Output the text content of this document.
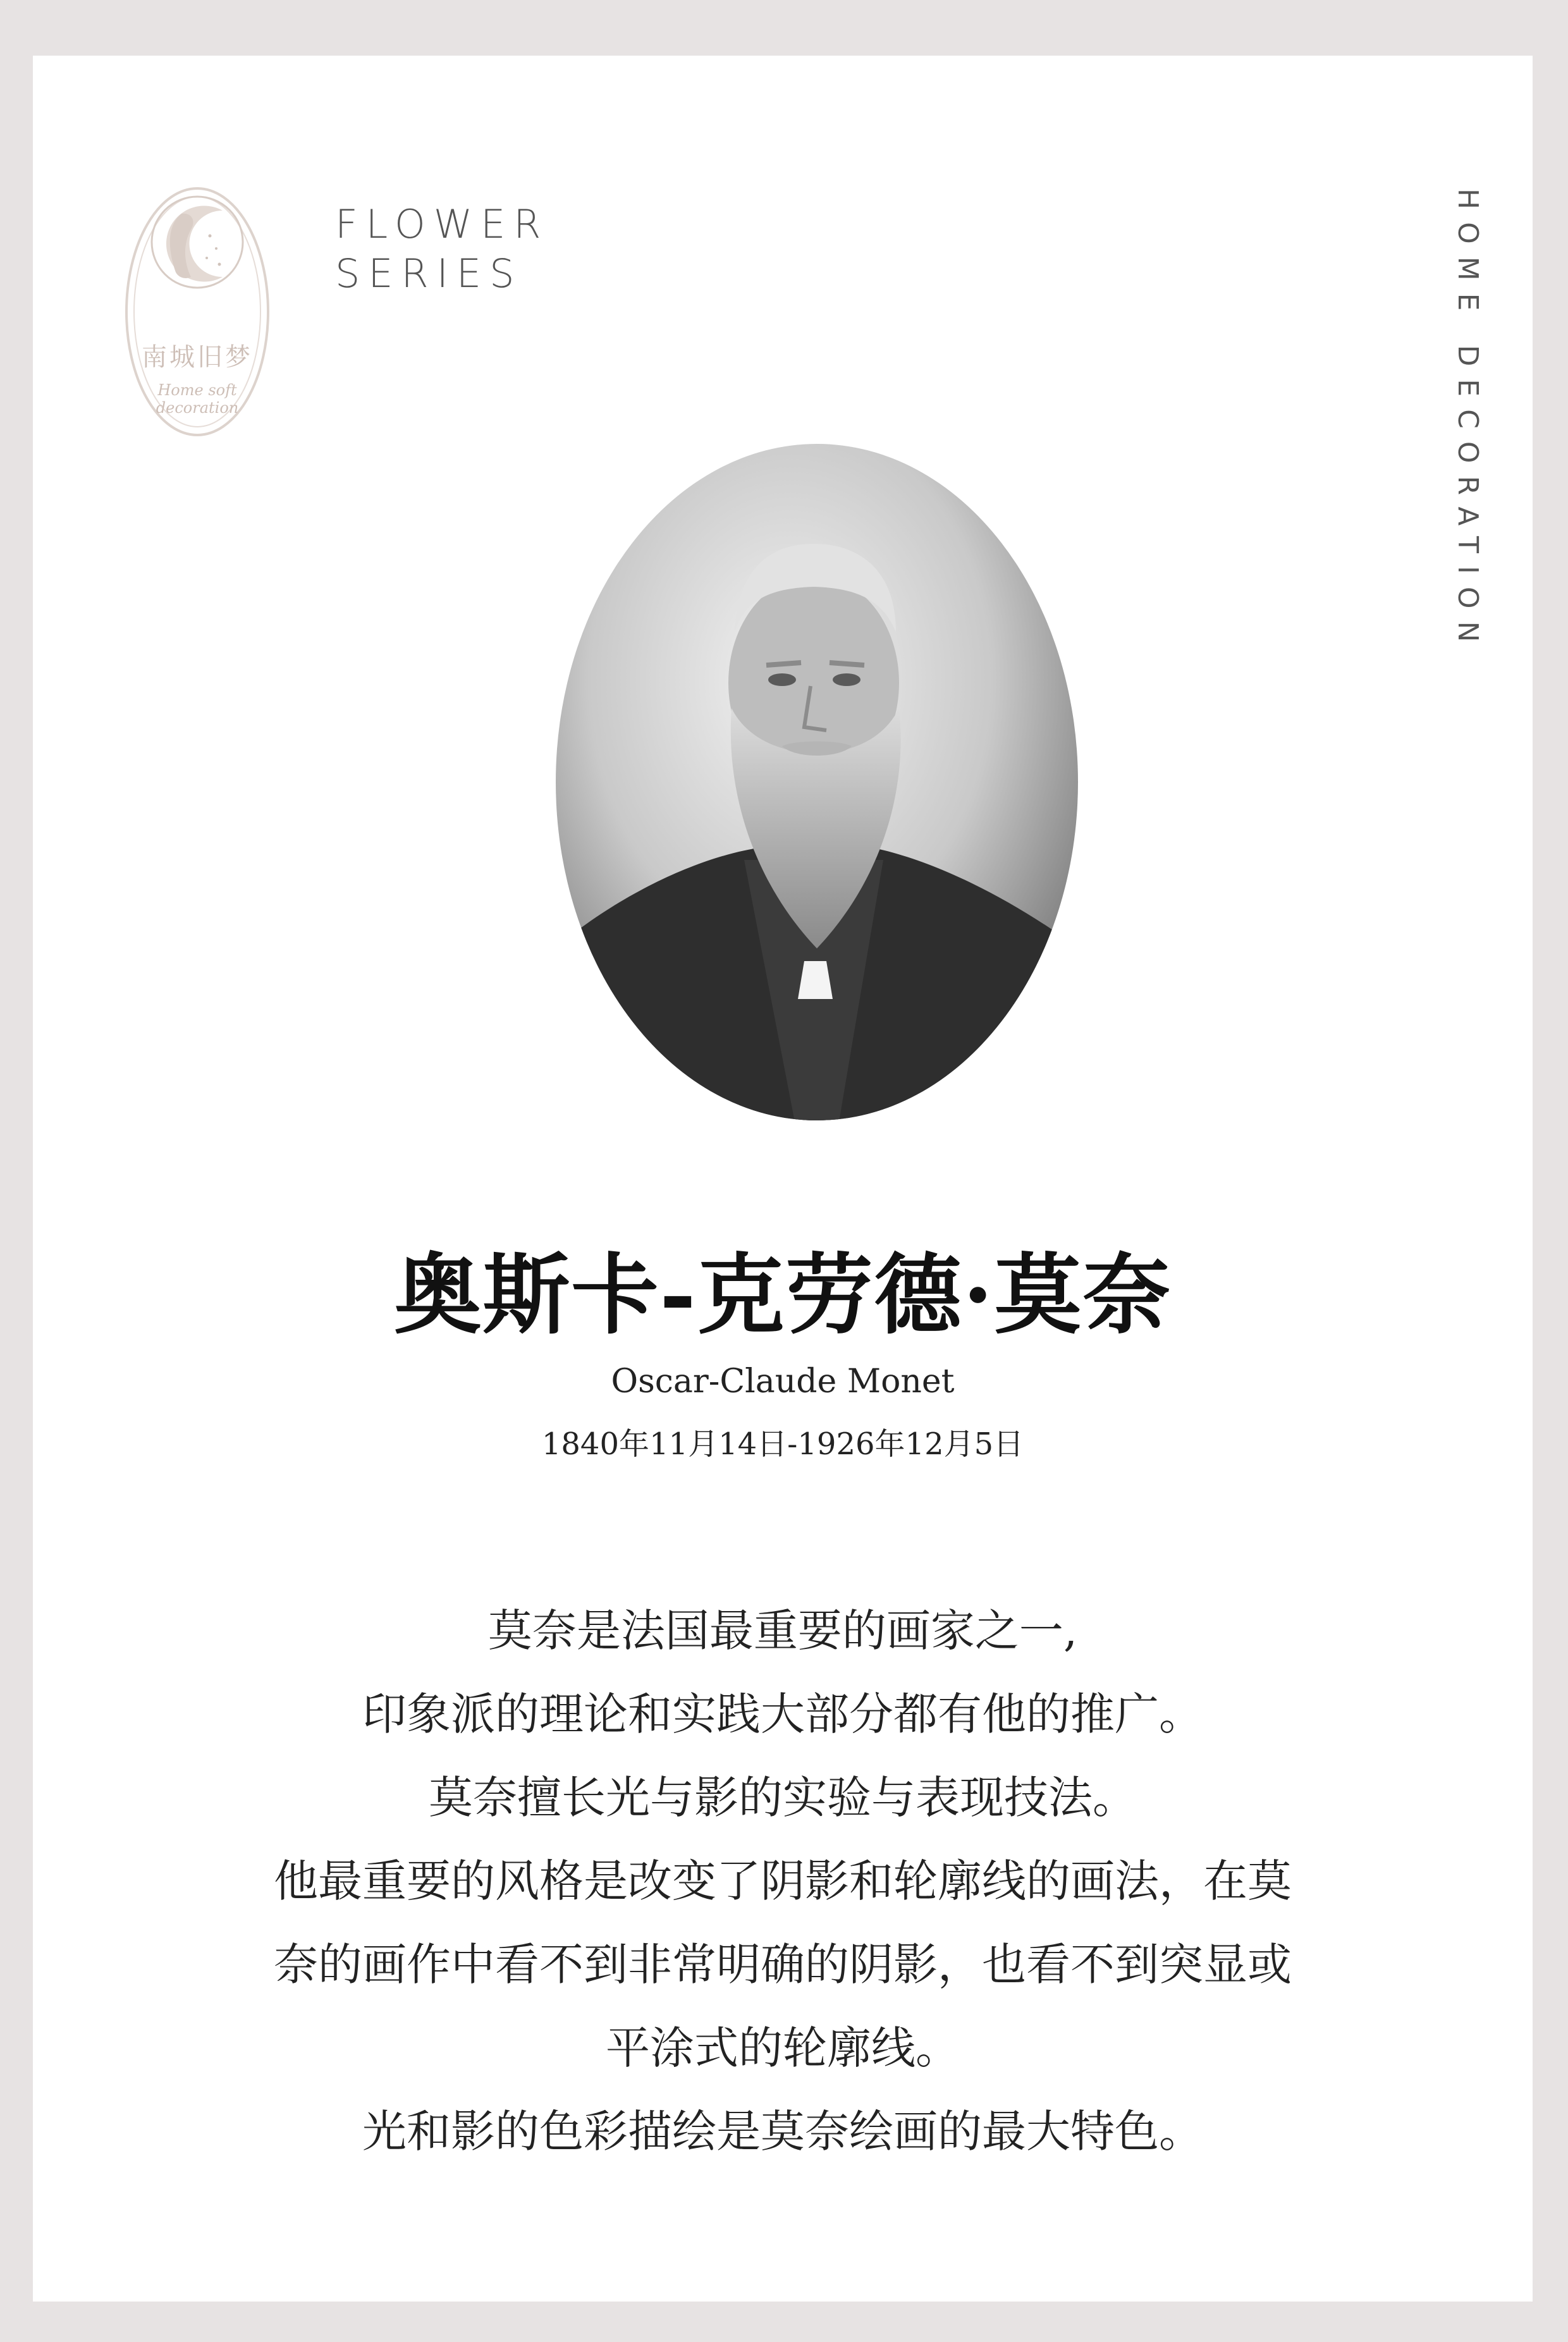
南城旧梦
Home soft decoration
FLOWER
SERIES	HOME DECORATION
奥斯卡-克劳德·莫奈
Oscar-Claude Monet
1840年11月14日-1926年12月5日
莫奈是法国最重要的画家之一,
印象派的理论和实践大部分都有他的推广。
莫奈擅长光与影的实验与表现技法。
他最重要的风格是改变了阴影和轮廓线的画法，在莫
奈的画作中看不到非常明确的阴影，也看不到突显或
平涂式的轮廓线。
光和影的色彩描绘是莫奈绘画的最大特色。
